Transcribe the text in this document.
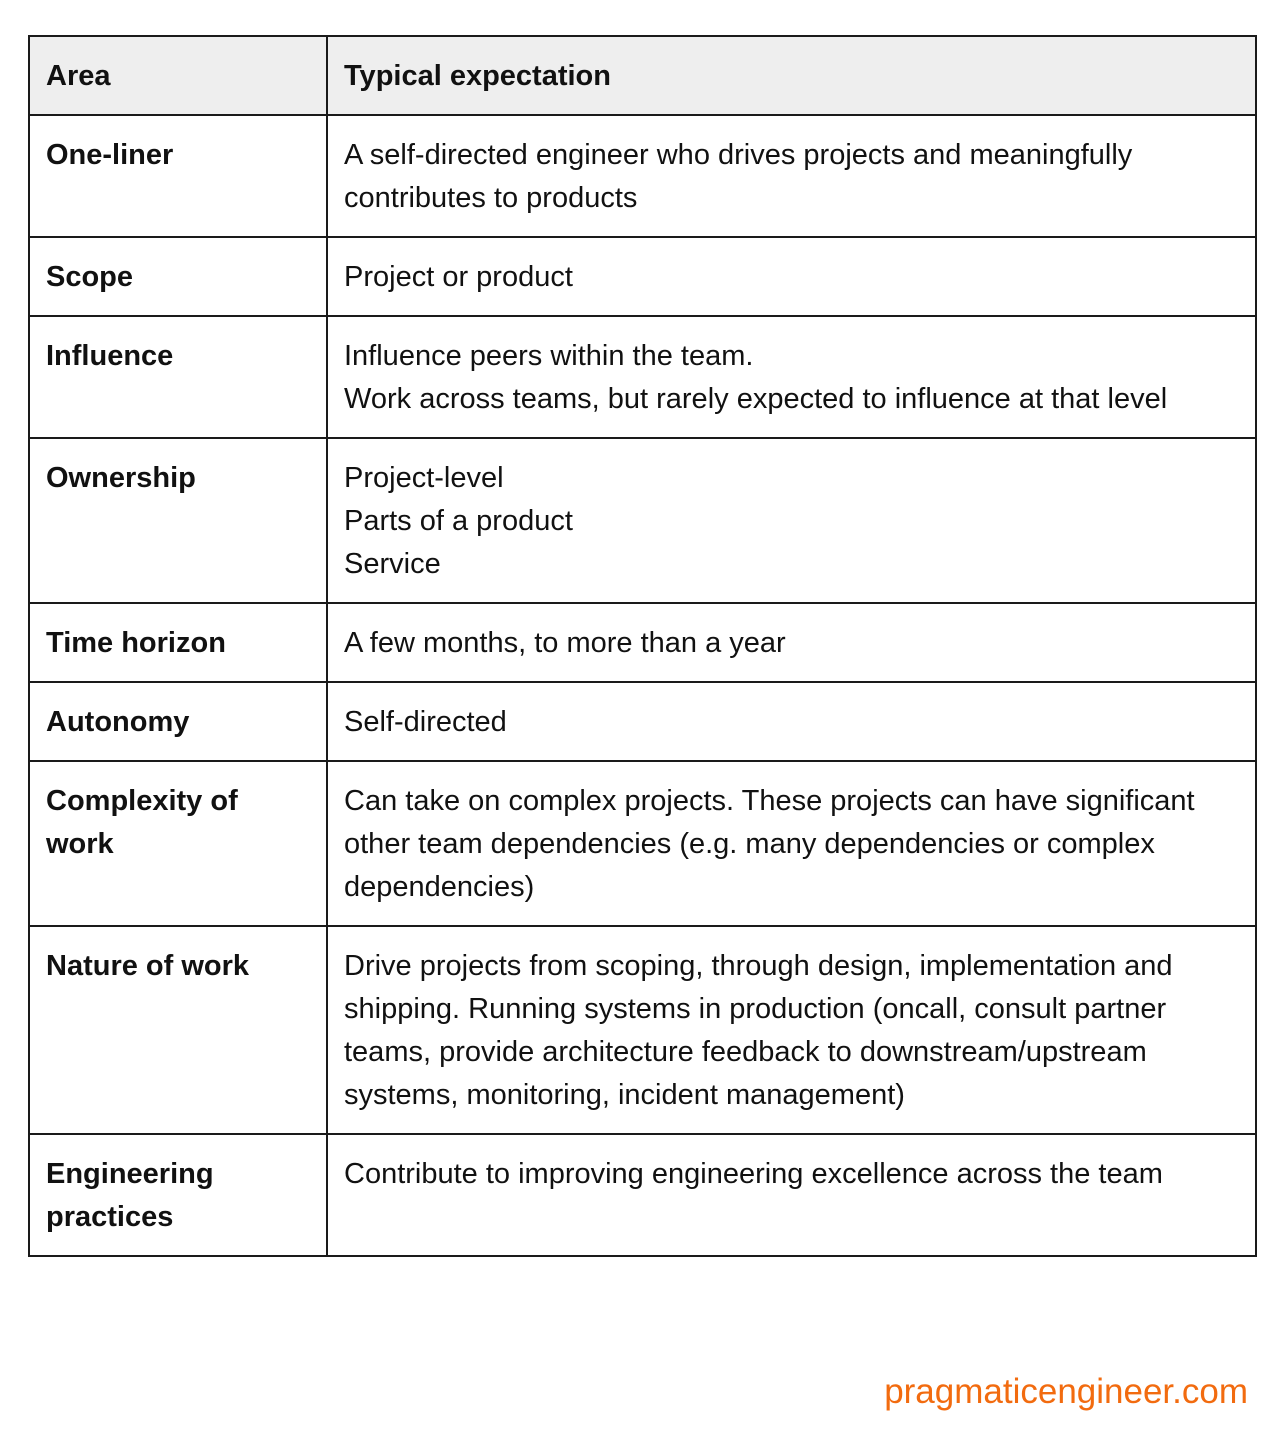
Area	Typical expectation
One-liner	A self-directed engineer who drives projects and meaningfully contributes to products

Scope	Project or product

Influence	Influence peers within the team.
Work across teams, but rarely expected to influence at that level

Ownership	Project-level
Parts of a product
Service

Time horizon	A few months, to more than a year

Autonomy	Self-directed

Complexity of work	Can take on complex projects. These projects can have significant other team dependencies (e.g. many dependencies or complex dependencies)

Nature of work	Drive projects from scoping, through design, implementation and shipping. Running systems in production (oncall, consult partner teams, provide architecture feedback to downstream/upstream systems, monitoring, incident management)

Engineering practices	Contribute to improving engineering excellence across the team
pragmaticengineer.com
